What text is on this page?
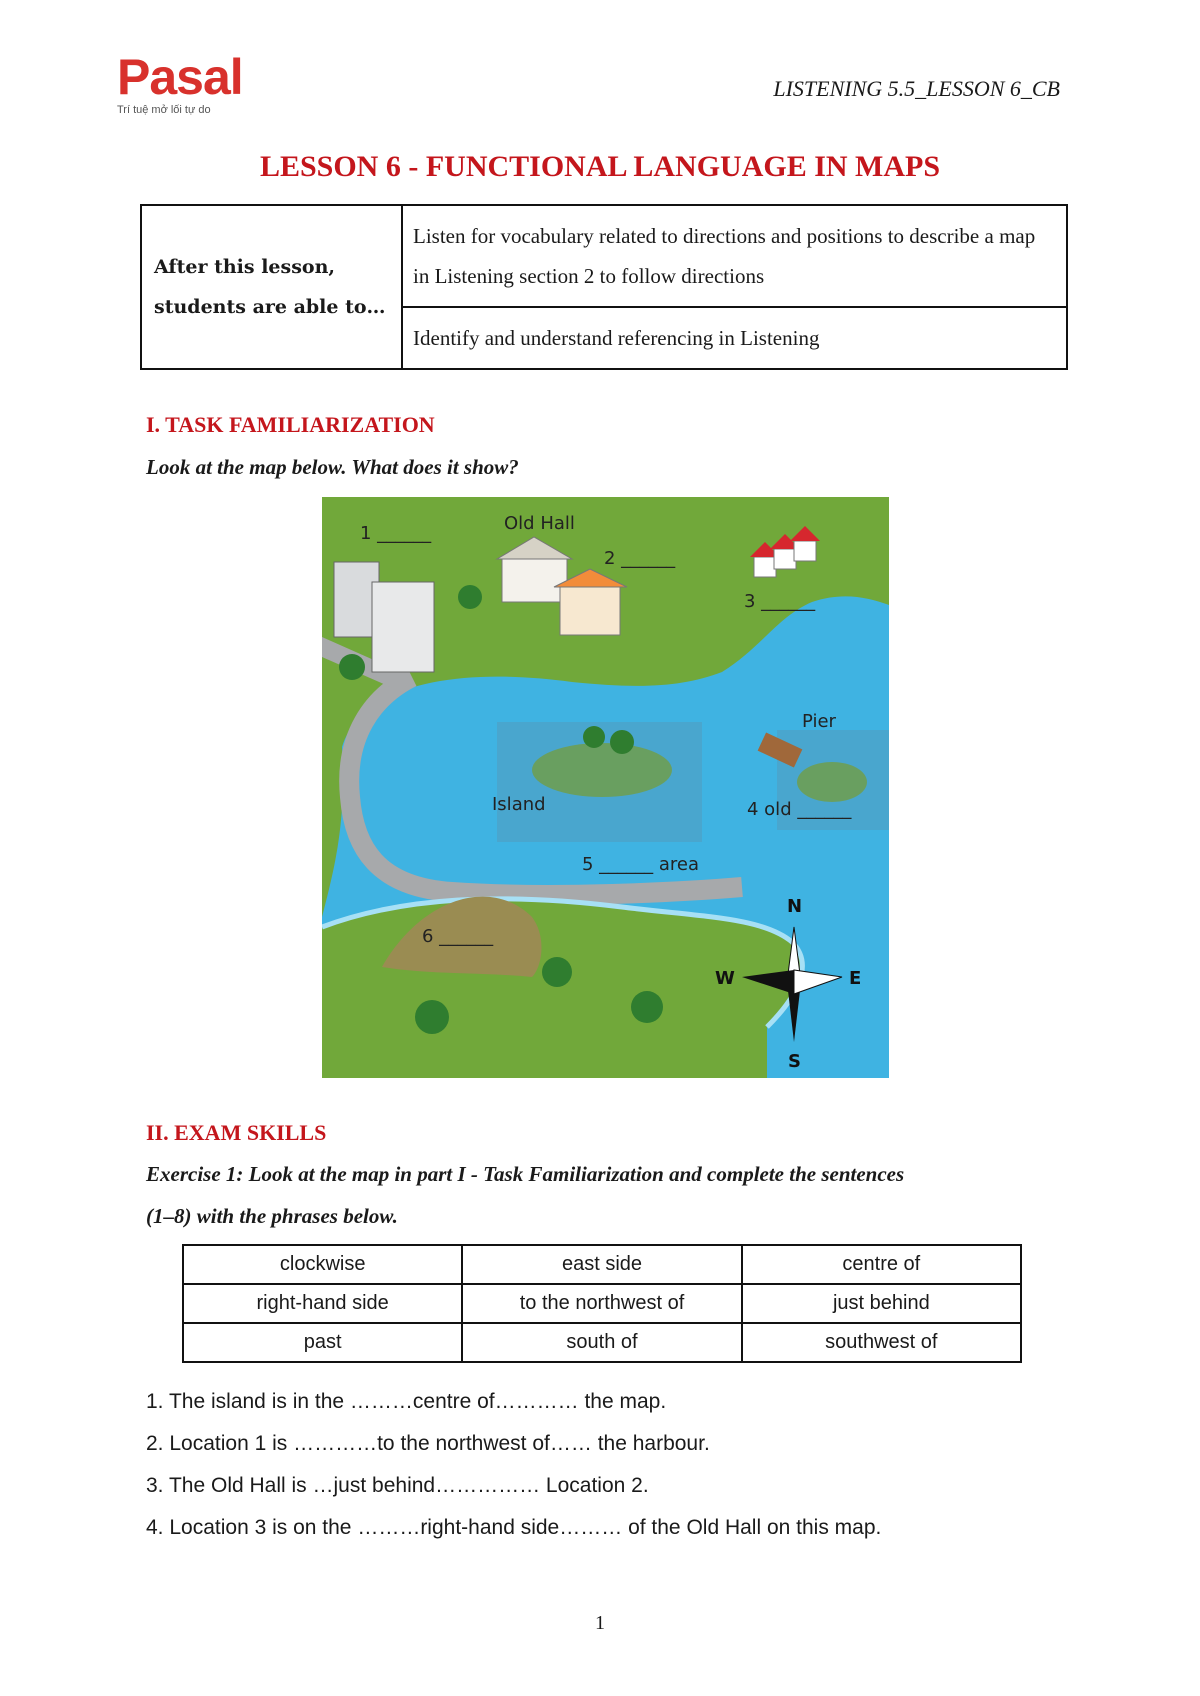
Pasal
Trí tuệ mở lối tự do
LISTENING 5.5_LESSON 6_CB
LESSON 6 - FUNCTIONAL LANGUAGE IN MAPS
After this lesson, students are able to…	Listen for vocabulary related to directions and positions to describe a map in Listening section 2 to follow directions
Identify and understand referencing in Listening
I. TASK FAMILIARIZATION
Look at the map below. What does it show?
1 ______	Old Hall
2 ______
3 ______
Pier
Island	4 old ______
5 ______ area
6 ______
N
E
S
W
II. EXAM SKILLS
Exercise 1: Look at the map in part I - Task Familiarization and complete the sentences
(1–8) with the phrases below.
clockwise	east side	centre of
right-hand side	to the northwest of	just behind
past	south of	southwest of
1. The island is in the ………centre of………… the map.
2. Location 1 is …………to the northwest of…… the harbour.
3. The Old Hall is …just behind…………… Location 2.
4. Location 3 is on the ………right-hand side……… of the Old Hall on this map.
1
